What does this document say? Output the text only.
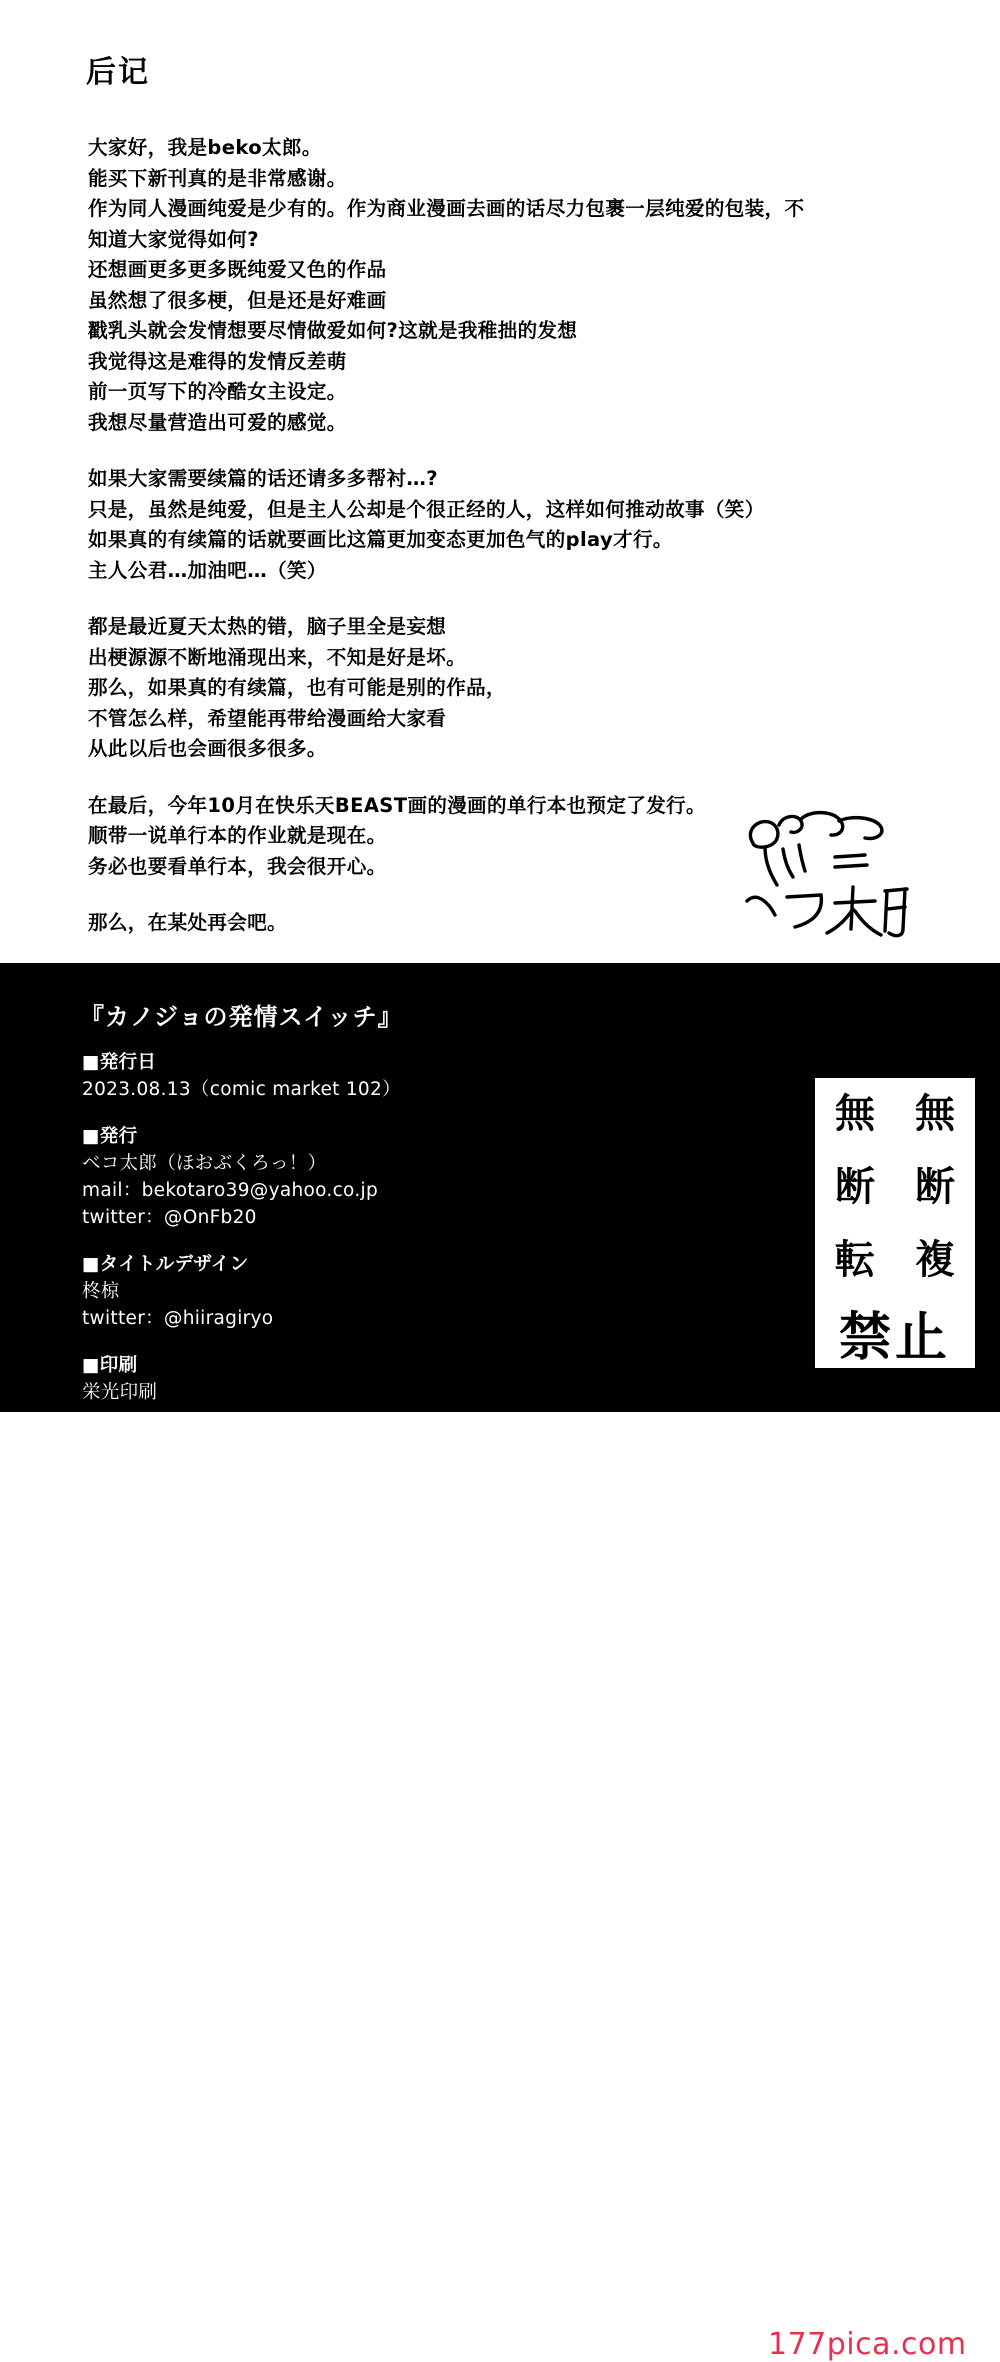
后记

大家好，我是beko太郎。
能买下新刊真的是非常感谢。
作为同人漫画纯爱是少有的。作为商业漫画去画的话尽力包裹一层纯爱的包装，不
知道大家觉得如何?
还想画更多更多既纯爱又色的作品
虽然想了很多梗，但是还是好难画
戳乳头就会发情想要尽情做爱如何?这就是我稚拙的发想
我觉得这是难得的发情反差萌
前一页写下的冷酷女主设定。
我想尽量营造出可爱的感觉。

如果大家需要续篇的话还请多多帮衬…?
只是，虽然是纯爱，但是主人公却是个很正经的人，这样如何推动故事（笑）
如果真的有续篇的话就要画比这篇更加变态更加色气的play才行。
主人公君…加油吧…（笑）

都是最近夏天太热的错，脑子里全是妄想
出梗源源不断地涌现出来，不知是好是坏。
那么，如果真的有续篇，也有可能是别的作品，
不管怎么样，希望能再带给漫画给大家看
从此以后也会画很多很多。

在最后，今年10月在快乐天BEAST画的漫画的单行本也预定了发行。
顺带一说单行本的作业就是现在。
务必也要看单行本，我会很开心。

那么，在某处再会吧。

『カノジョの発情スイッチ』
■発行日
2023.08.13（comic market 102）
■発行
ベコ太郎（ほおぶくろっ！）
mail：bekotaro39@yahoo.co.jp
twitter：@OnFb20
■タイトルデザイン
柊椋
twitter：@hiiragiryo
■印刷
栄光印刷
無	無
断	断
転	複
禁止
177pica.com
